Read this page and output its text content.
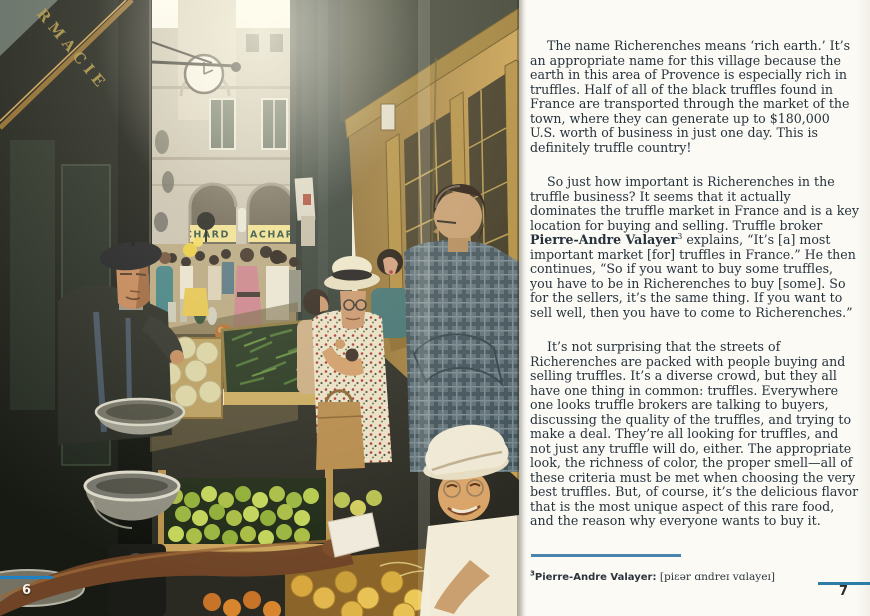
6

The name Richerenches means ‘rich earth.’ It’s an appropriate name for this village because the earth in this area of Provence is especially rich in truffles. Half of all of the black truffles found in France are transported through the market of the town, where they can generate up to $180,000 U.S. worth of business in just one day. This is definitely truffle country!

So just how important is Richerenches in the truffle business? It seems that it actually dominates the truffle market in France and is a key location for buying and selling. Truffle broker Pierre-Andre Valayer$^3$ explains, “It’s [a] most important market [for] truffles in France.” He then continues, “So if you want to buy some truffles, you have to be in Richerenches to buy [some]. So for the sellers, it’s the same thing. If you want to sell well, then you have to come to Richerenches.”

It’s not surprising that the streets of Richerenches are packed with people buying and selling truffles. It’s a diverse crowd, but they all have one thing in common: truffles. Everywhere one looks truffle brokers are talking to buyers, discussing the quality of the truffles, and trying to make a deal. They’re all looking for truffles, and not just any truffle will do, either. The appropriate look, the richness of color, the proper smell—all of these criteria must be met when choosing the very best truffles. But, of course, it’s the delicious flavor that is the most unique aspect of this rare food, and the reason why everyone wants to buy it.

$^3$Pierre-Andre Valayer: [piɛər ɑndreɪ vɑlayeɪ]

7
